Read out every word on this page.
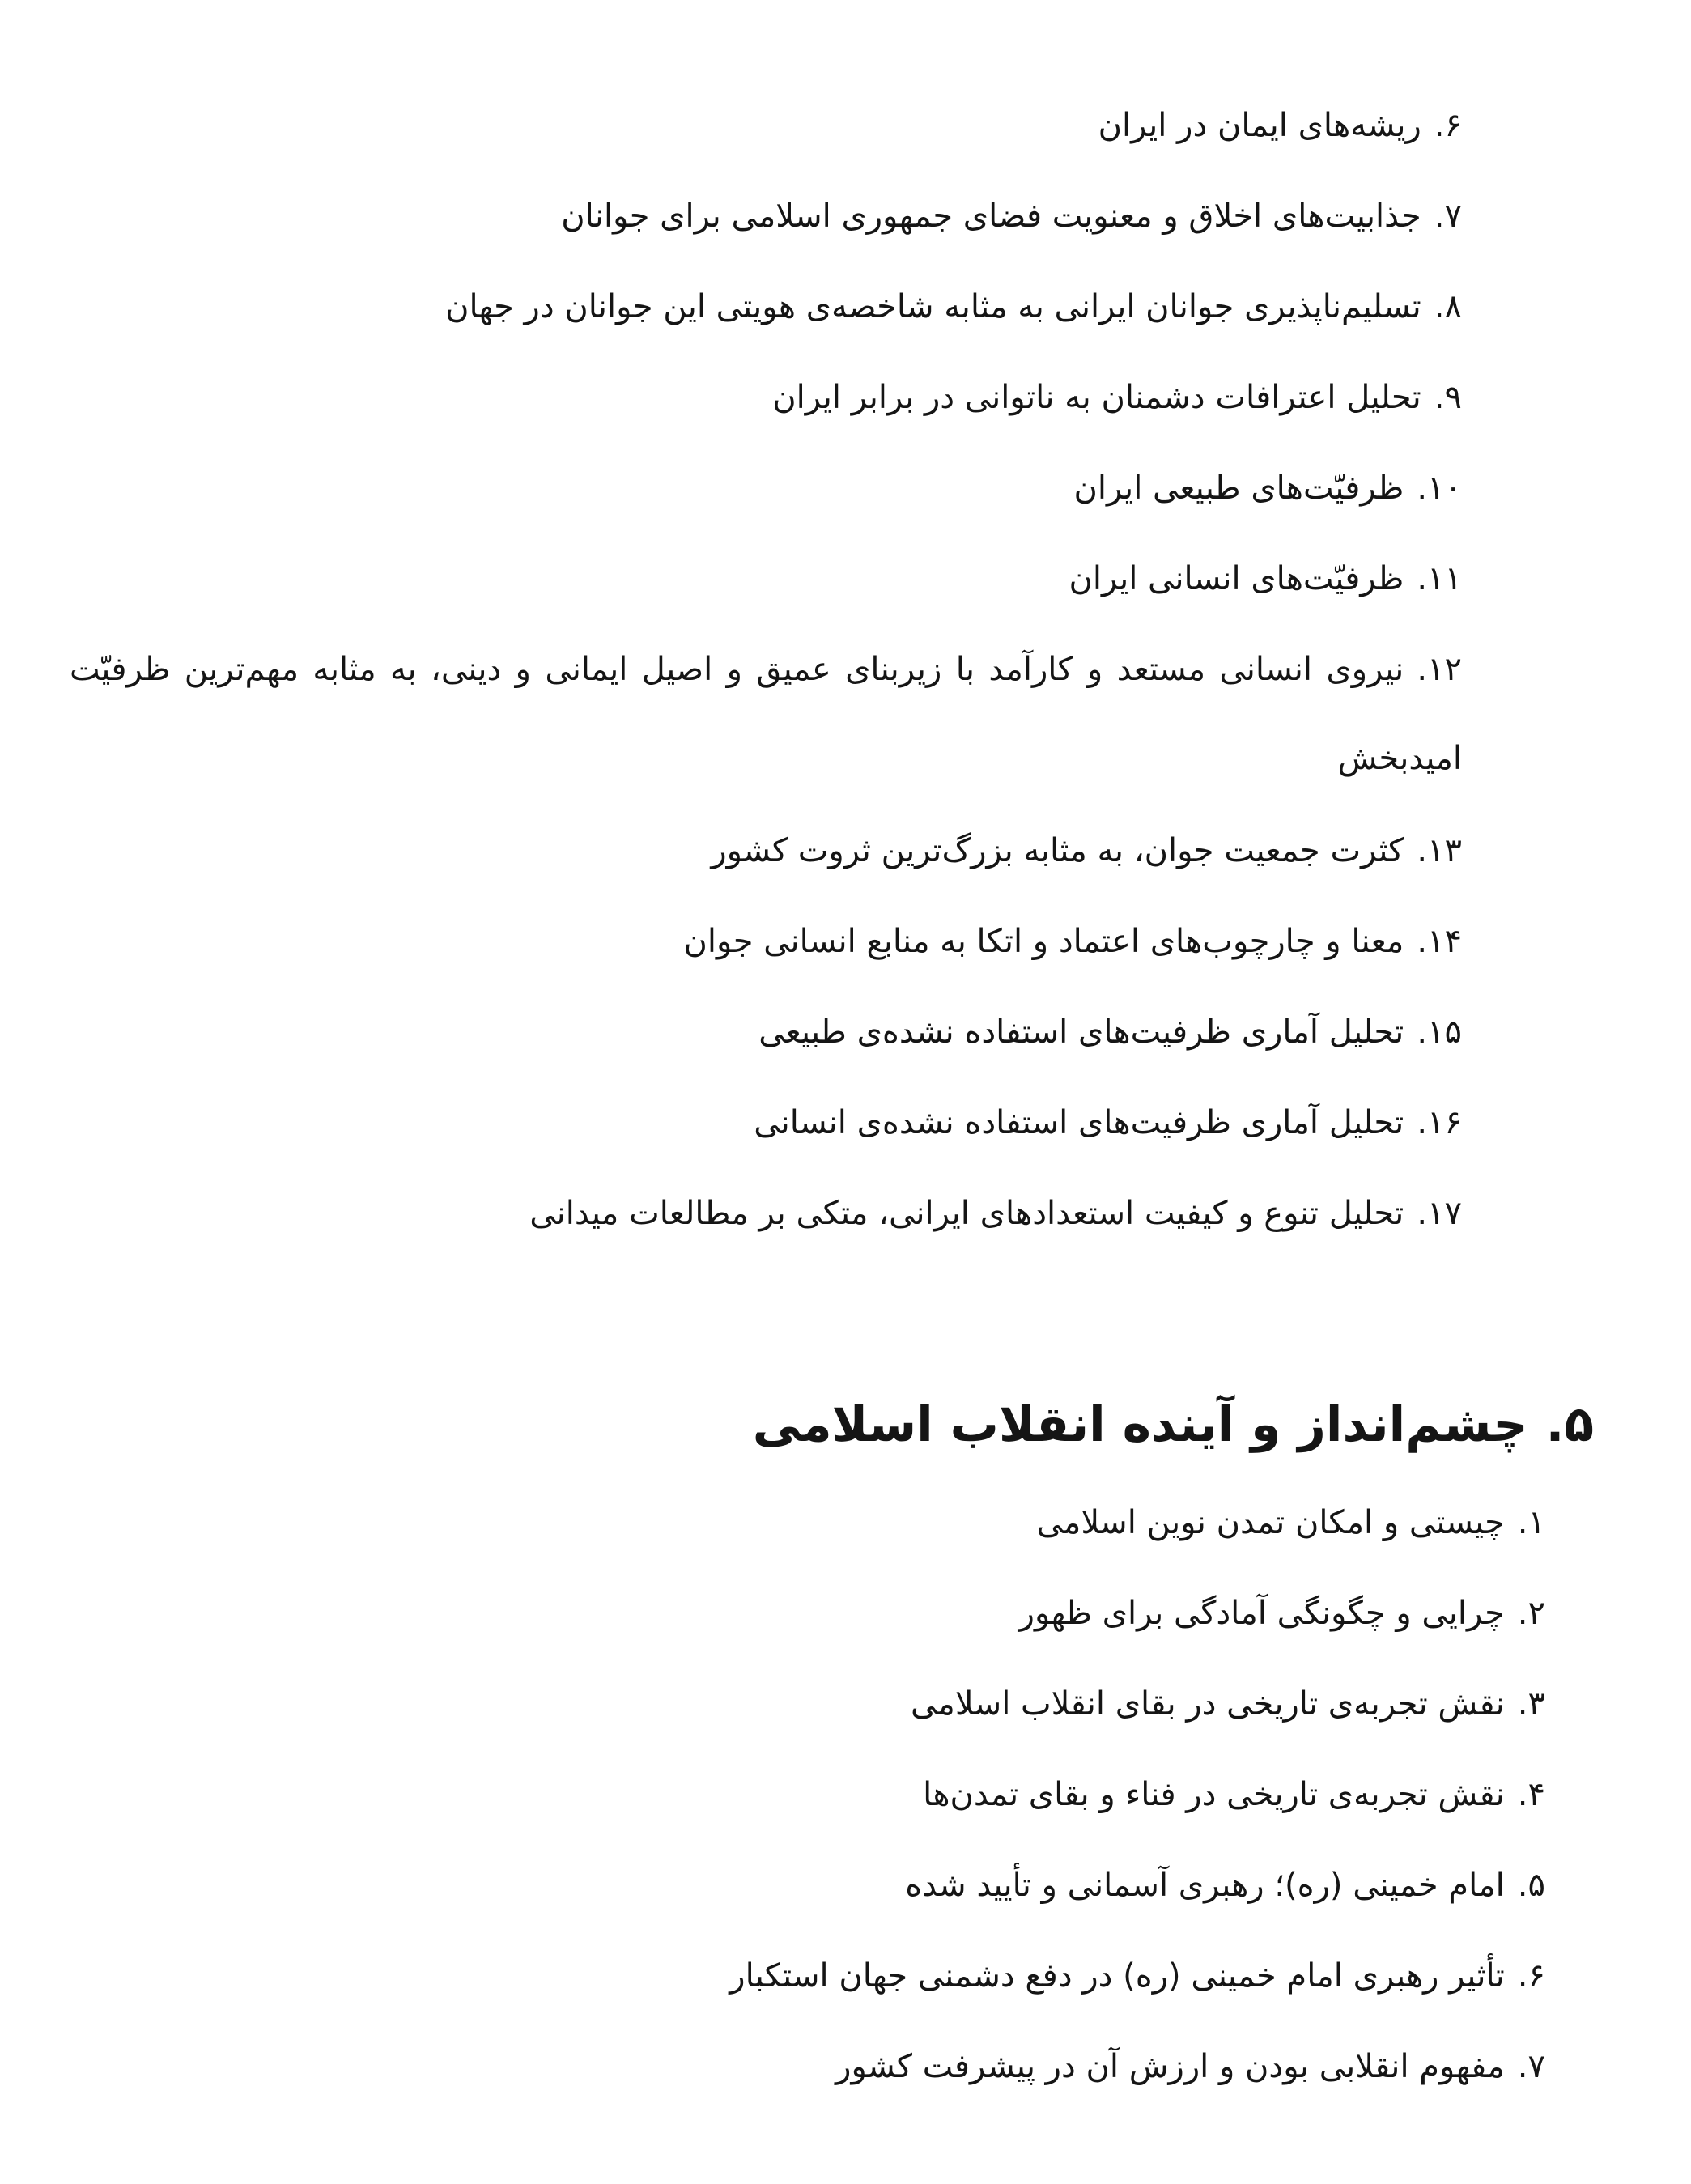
۶.ریشه‌های ایمان در ایران
۷.جذابیت‌های اخلاق و معنویت فضای جمهوری اسلامی برای جوانان
۸.تسلیم‌ناپذیری جوانان ایرانی به مثابه شاخصه‌ی هویتی این جوانان در جهان
۹.تحلیل اعترافات دشمنان به ناتوانی در برابر ایران
۱۰.ظرفیّت‌های طبیعی ایران
۱۱.ظرفیّت‌های انسانی ایران
۱۲.نیروی انسانی مستعد و کارآمد با زیربنای عمیق و اصیل ایمانی و دینی، به مثابه مهم‌ترین ظرفیّت امیدبخش
۱۳.کثرت جمعیت جوان، به مثابه بزرگ‌ترین ثروت کشور
۱۴.معنا و چارچوب‌های اعتماد و اتکا به منابع انسانی جوان
۱۵.تحلیل آماری ظرفیت‌های استفاده نشده‌ی طبیعی
۱۶.تحلیل آماری ظرفیت‌های استفاده نشده‌ی انسانی
۱۷.تحلیل تنوع و کیفیت استعدادهای ایرانی، متکی بر مطالعات میدانی
۵.چشم‌انداز و آینده انقلاب اسلامی
۱.چیستی و امکان تمدن نوین اسلامی
۲.چرایی و چگونگی آمادگی برای ظهور
۳.نقش تجربه‌ی تاریخی در بقای انقلاب اسلامی
۴.نقش تجربه‌ی تاریخی در فناء و بقای تمدن‌ها
۵.امام خمینی (ره)؛ رهبری آسمانی و تأیید شده
۶.تأثیر رهبری امام خمینی (ره) در دفع دشمنی جهان استکبار
۷.مفهوم انقلابی بودن و ارزش آن در پیشرفت کشور
